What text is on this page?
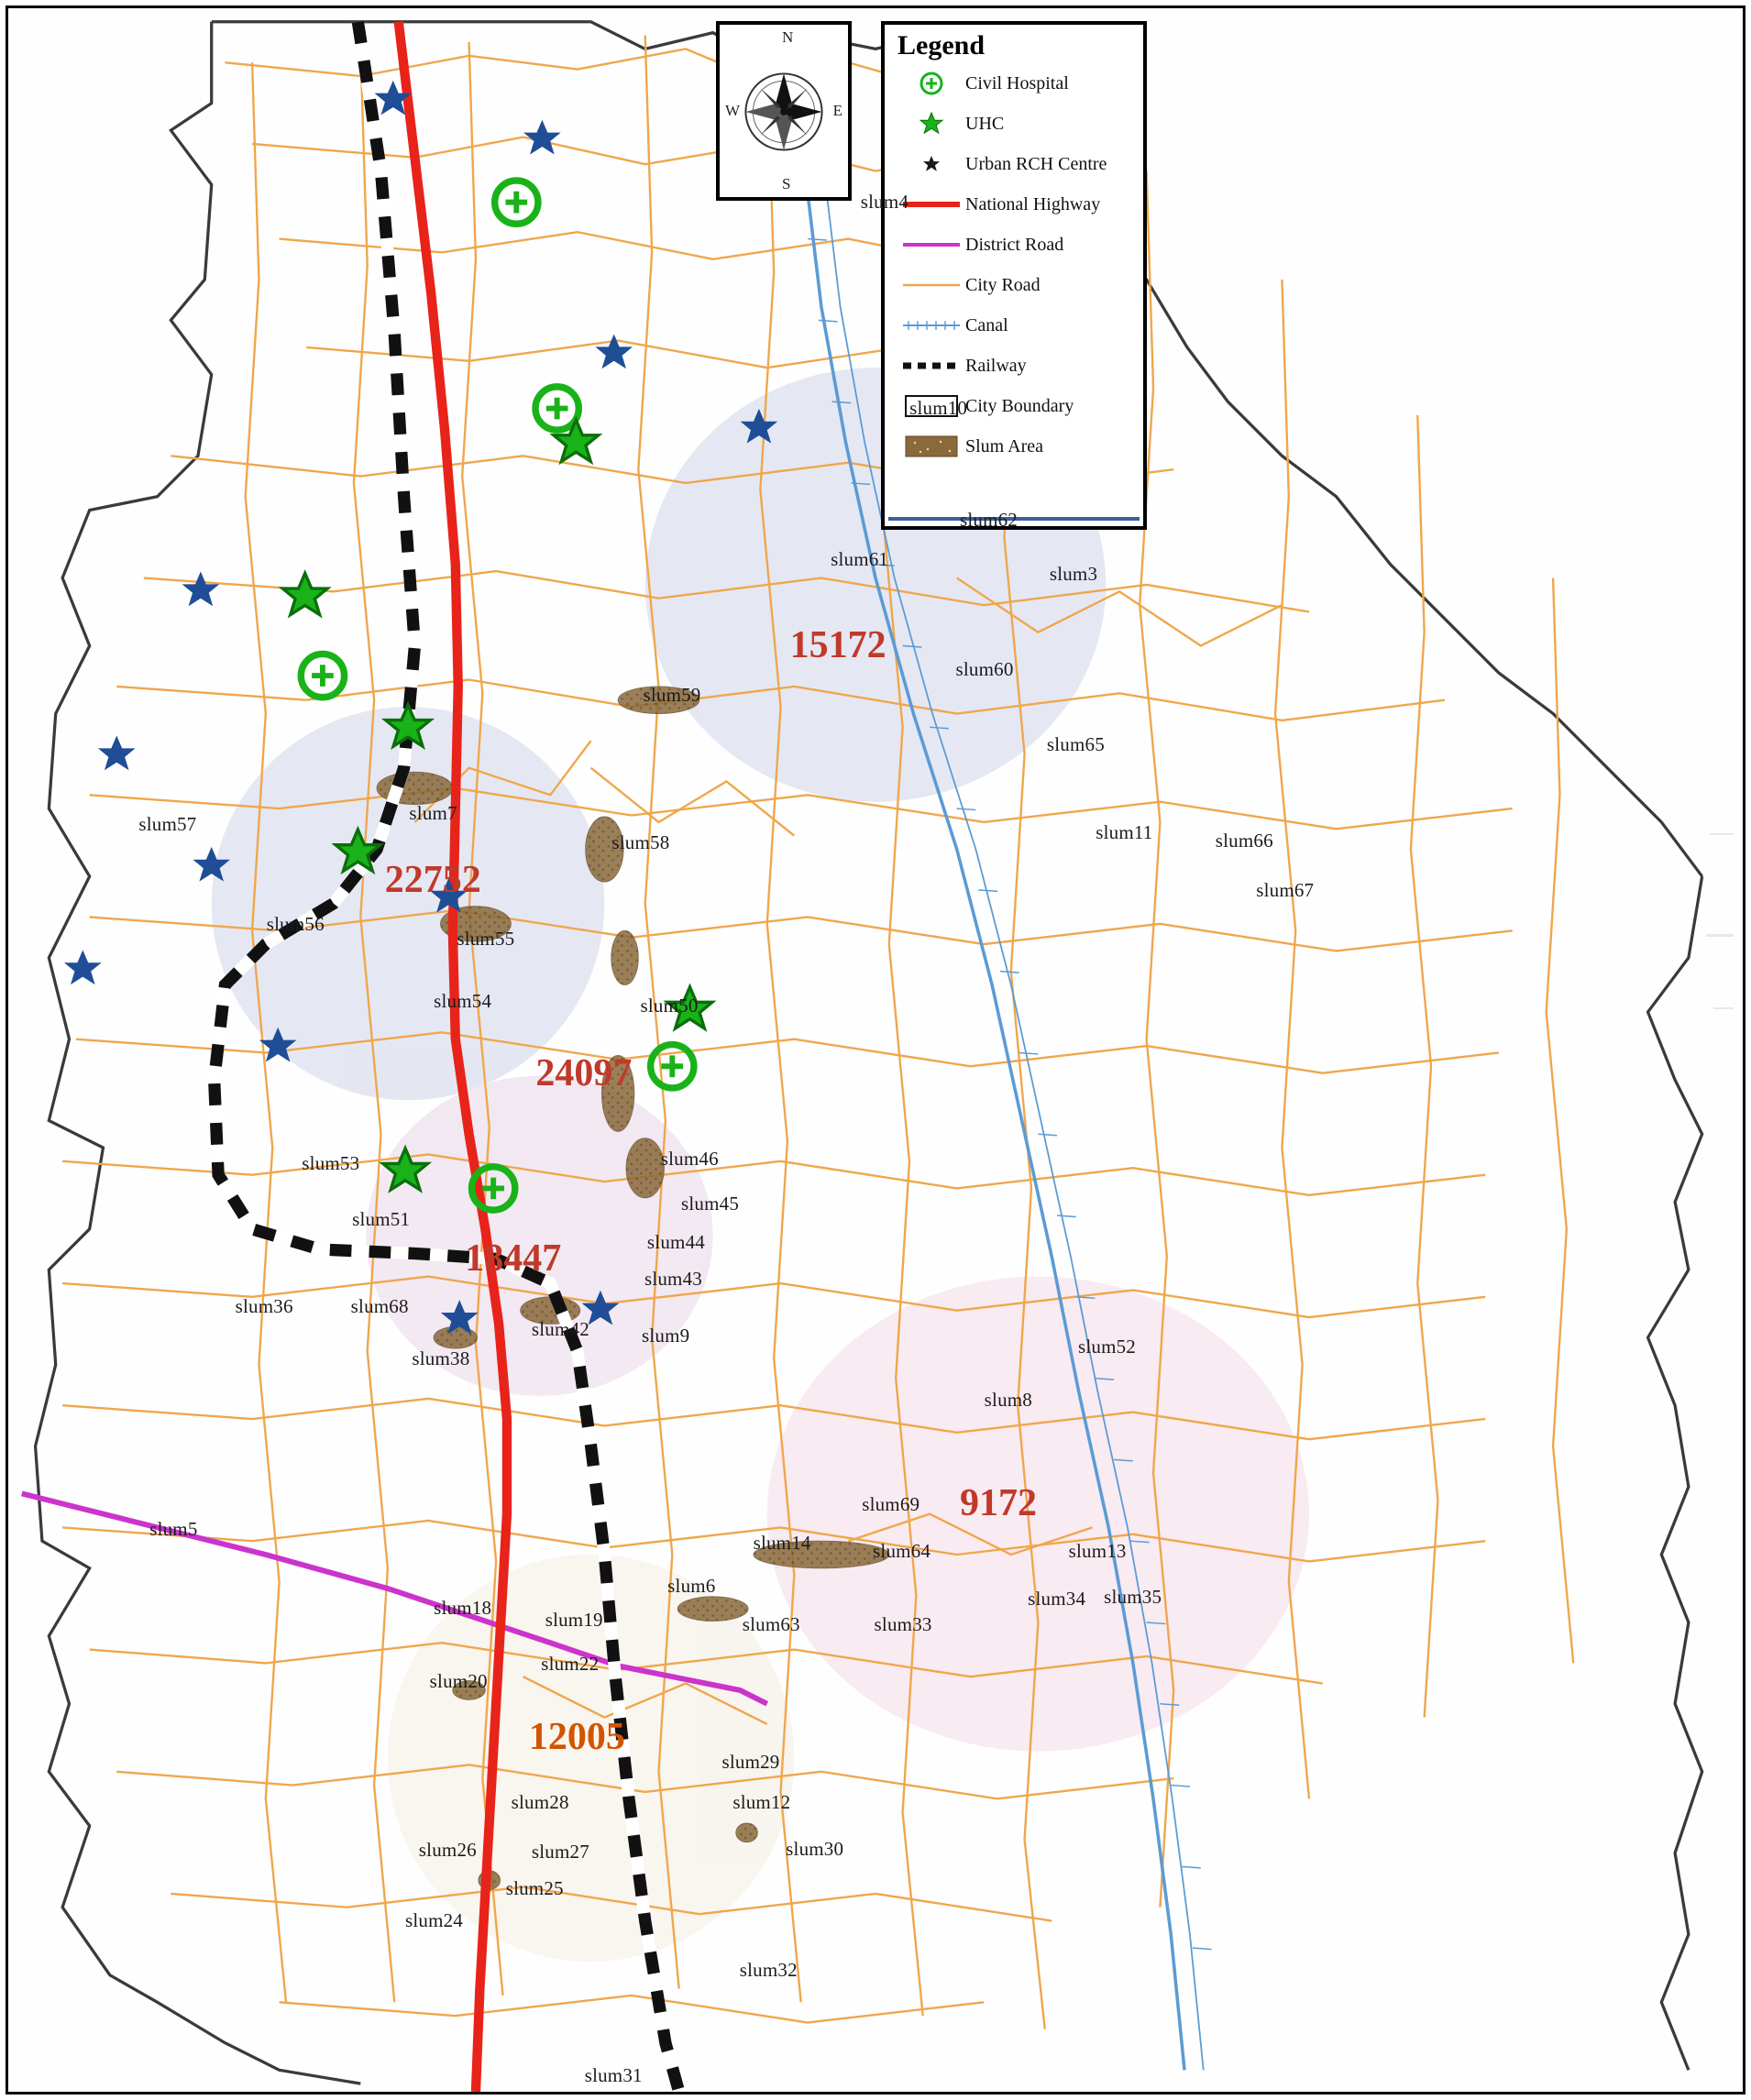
N
S
E
W
Legend
Civil Hospital
UHC
Urban RCH Centre
National Highway
District Road
City Road
Canal
Railway
City Boundary
Slum Area
slum4
slum10
slum62
slum61
slum3
slum60
slum65
slum59
slum11	slum66
slum67
slum57	slum7
slum58
slum56
slum55
slum54	slum50
slum53	slum46
slum45
slum51
slum44
slum43
slum36	slum68
slum42	slum9
slum38
slum52
slum8
slum69
slum14	slum64	slum13
slum34 slum35
slum5
slum6
slum18
slum19	slum63	slum33
slum20
slum22
slum29
slum12
slum28
slum30
slum26	slum27
slum25
slum24
slum32
slum31
15172
22752
24097
18447
9172
12005
